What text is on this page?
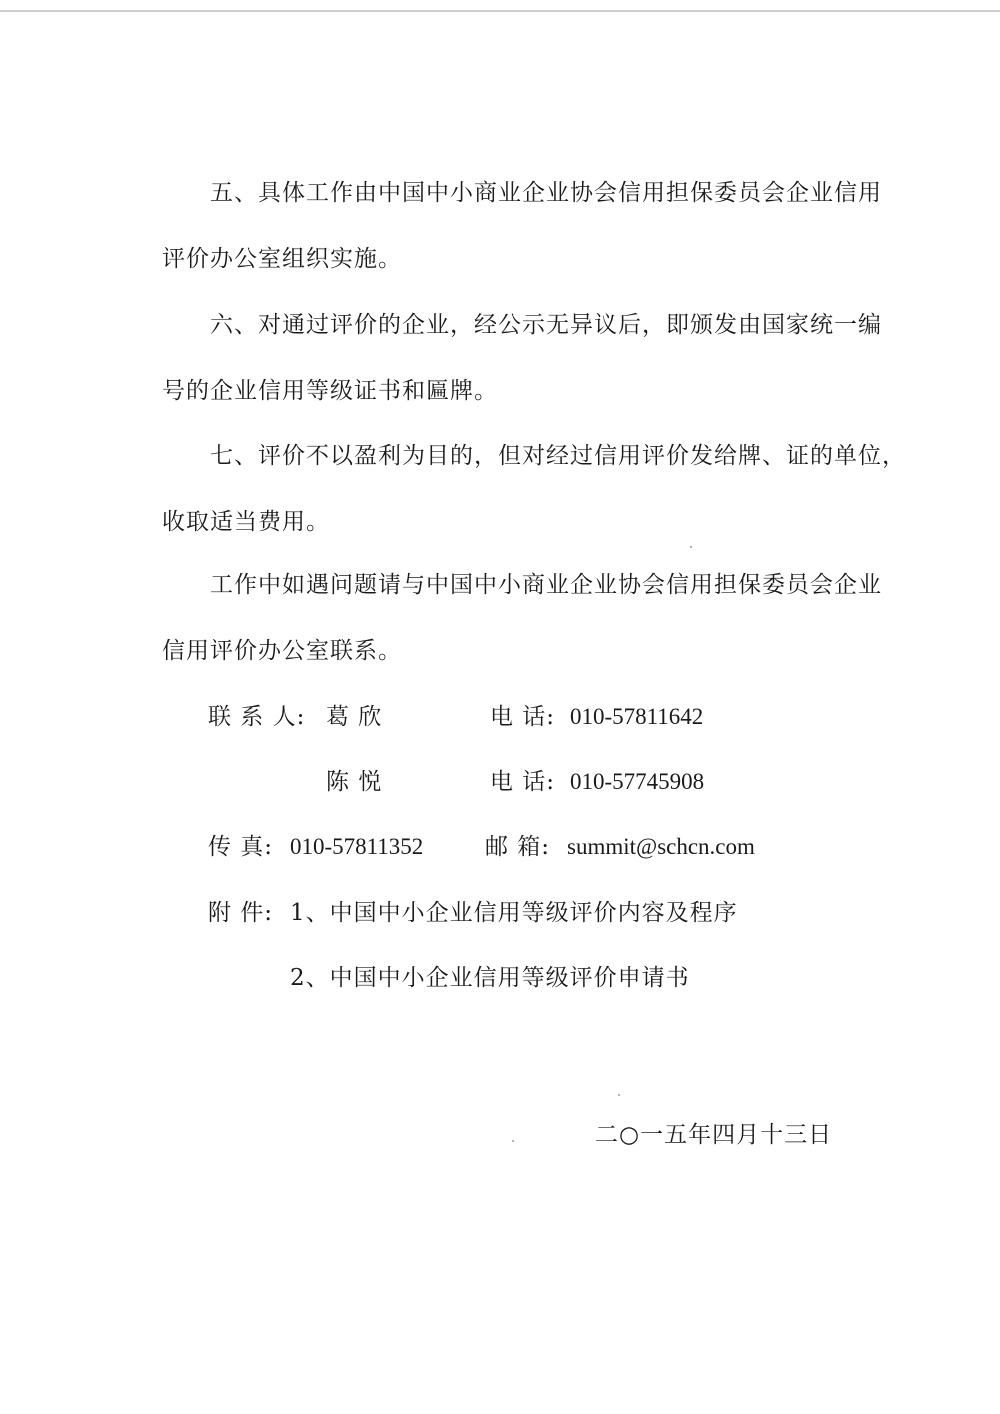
五、具体工作由中国中小商业企业协会信用担保委员会企业信用
评价办公室组织实施。
六、对通过评价的企业，经公示无异议后，即颁发由国家统一编
号的企业信用等级证书和匾牌。
七、评价不以盈利为目的，但对经过信用评价发给牌、证的单位，
收取适当费用。
工作中如遇问题请与中国中小商业企业协会信用担保委员会企业
信用评价办公室联系。
联 系 人: 葛 欣	电 话: 010-57811642
陈 悦	电 话: 010-57745908
传 真: 010-57811352	邮 箱: summit@schcn.com
附 件: 1、中国中小企业信用等级评价内容及程序
2、中国中小企业信用等级评价申请书
二○一五年四月十三日
